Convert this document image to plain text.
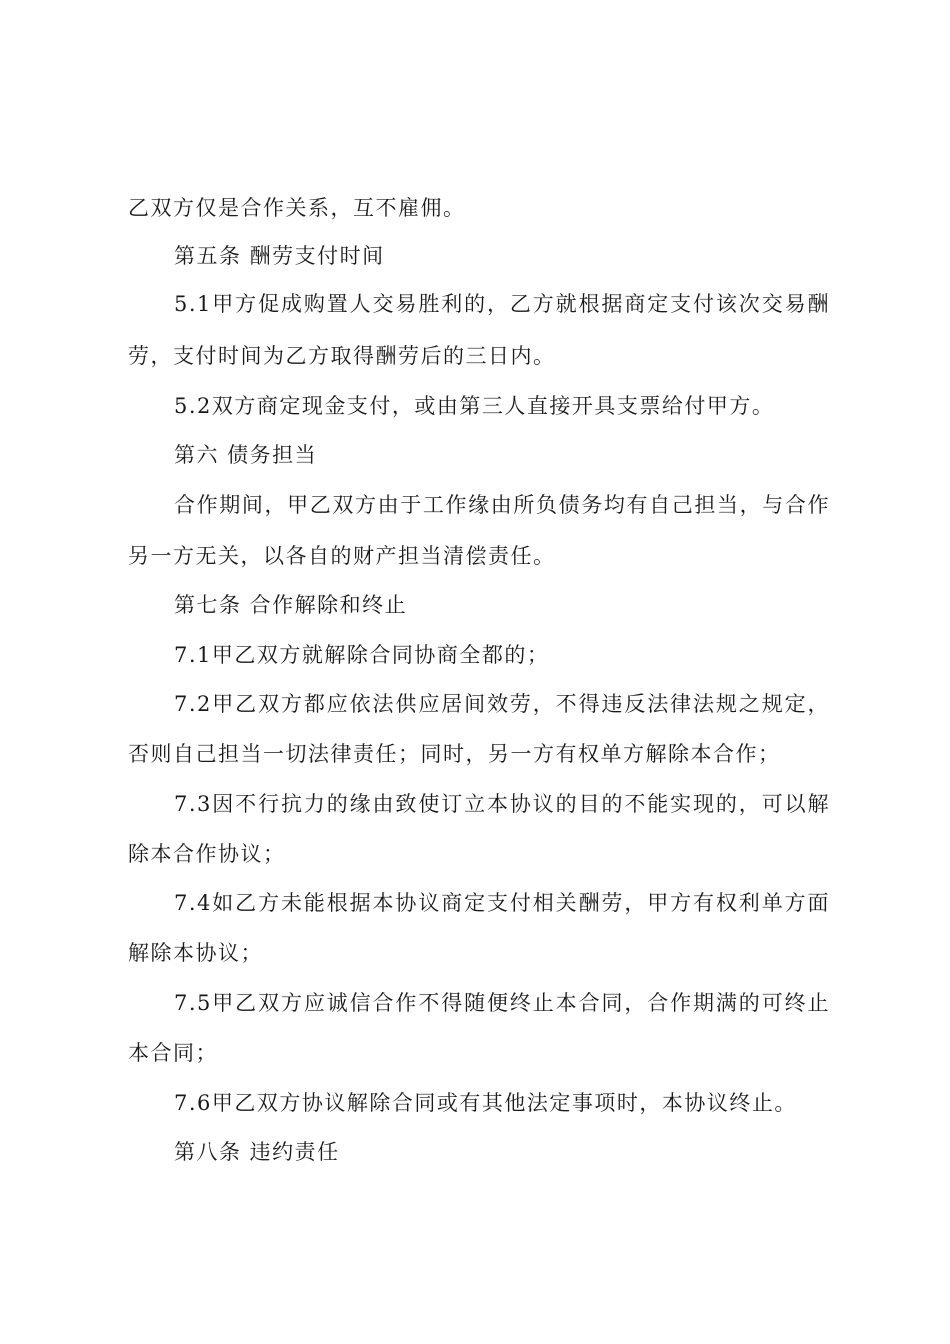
乙双方仅是合作关系，互不雇佣。
第五条 酬劳支付时间
5.1甲方促成购置人交易胜利的，乙方就根据商定支付该次交易酬
劳，支付时间为乙方取得酬劳后的三日内。
5.2双方商定现金支付，或由第三人直接开具支票给付甲方。
第六 债务担当
合作期间，甲乙双方由于工作缘由所负债务均有自己担当，与合作
另一方无关，以各自的财产担当清偿责任。
第七条 合作解除和终止
7.1甲乙双方就解除合同协商全都的；
7.2甲乙双方都应依法供应居间效劳，不得违反法律法规之规定，
否则自己担当一切法律责任；同时，另一方有权单方解除本合作；
7.3因不行抗力的缘由致使订立本协议的目的不能实现的，可以解
除本合作协议；
7.4如乙方未能根据本协议商定支付相关酬劳，甲方有权利单方面
解除本协议；
7.5甲乙双方应诚信合作不得随便终止本合同，合作期满的可终止
本合同；
7.6甲乙双方协议解除合同或有其他法定事项时，本协议终止。
第八条 违约责任
